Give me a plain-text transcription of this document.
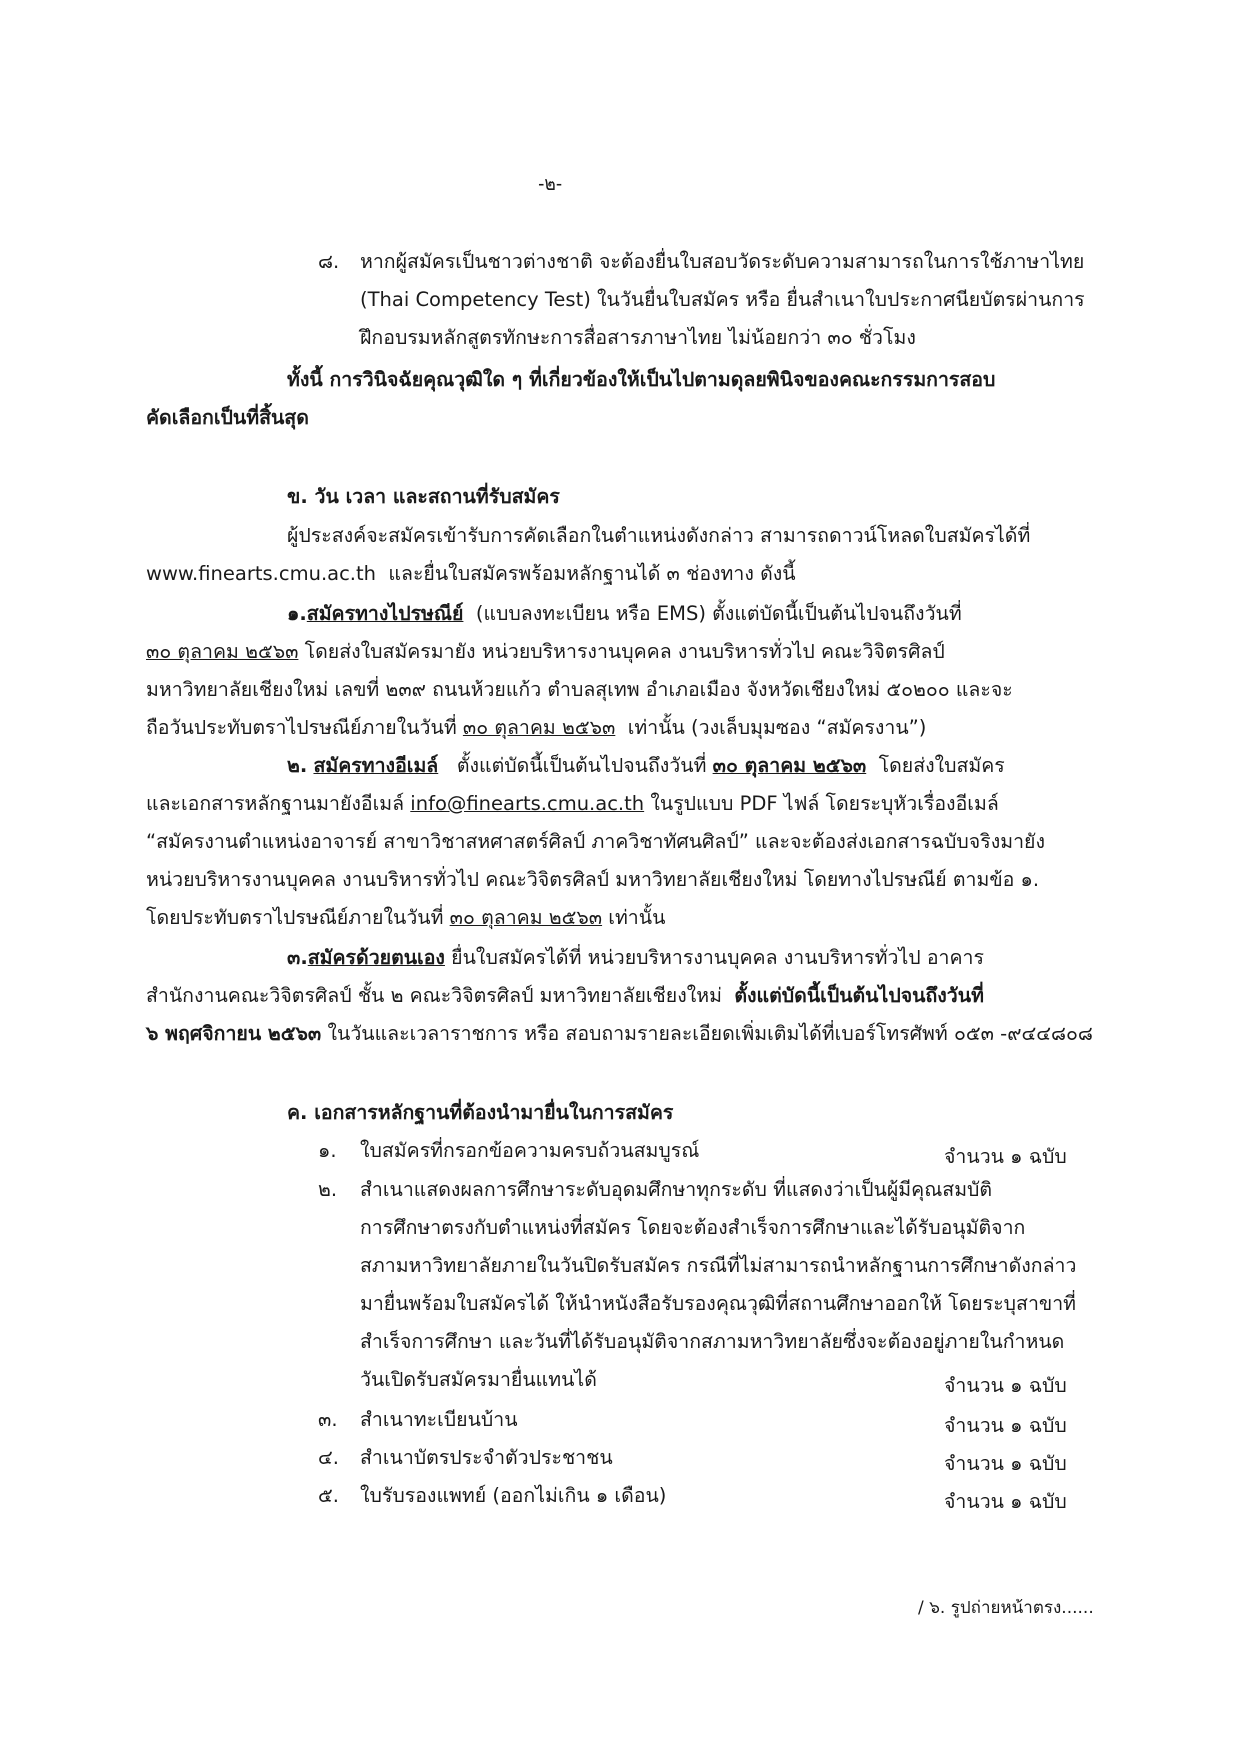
-๒-
๘. หากผู้สมัครเป็นชาวต่างชาติ จะต้องยื่นใบสอบวัดระดับความสามารถในการใช้ภาษาไทย
(Thai Competency Test) ในวันยื่นใบสมัคร หรือ ยื่นสำเนาใบประกาศนียบัตรผ่านการ
ฝึกอบรมหลักสูตรทักษะการสื่อสารภาษาไทย ไม่น้อยกว่า ๓๐ ชั่วโมง
ทั้งนี้ การวินิจฉัยคุณวุฒิใด ๆ ที่เกี่ยวข้องให้เป็นไปตามดุลยพินิจของคณะกรรมการสอบ
คัดเลือกเป็นที่สิ้นสุด
ข. วัน เวลา และสถานที่รับสมัคร
ผู้ประสงค์จะสมัครเข้ารับการคัดเลือกในตำแหน่งดังกล่าว สามารถดาวน์โหลดใบสมัครได้ที่
www.finearts.cmu.ac.th และยื่นใบสมัครพร้อมหลักฐานได้ ๓ ช่องทาง ดังนี้
๑.สมัครทางไปรษณีย์ (แบบลงทะเบียน หรือ EMS) ตั้งแต่บัดนี้เป็นต้นไปจนถึงวันที่
๓๐ ตุลาคม ๒๕๖๓ โดยส่งใบสมัครมายัง หน่วยบริหารงานบุคคล งานบริหารทั่วไป คณะวิจิตรศิลป์
มหาวิทยาลัยเชียงใหม่ เลขที่ ๒๓๙ ถนนห้วยแก้ว ตำบลสุเทพ อำเภอเมือง จังหวัดเชียงใหม่ ๕๐๒๐๐ และจะ
ถือวันประทับตราไปรษณีย์ภายในวันที่ ๓๐ ตุลาคม ๒๕๖๓ เท่านั้น (วงเล็บมุมซอง “สมัครงาน”)
๒. สมัครทางอีเมล์ ตั้งแต่บัดนี้เป็นต้นไปจนถึงวันที่ ๓๐ ตุลาคม ๒๕๖๓ โดยส่งใบสมัคร
และเอกสารหลักฐานมายังอีเมล์ info@finearts.cmu.ac.th ในรูปแบบ PDF ไฟล์ โดยระบุหัวเรื่องอีเมล์
“สมัครงานตำแหน่งอาจารย์ สาขาวิชาสหศาสตร์ศิลป์ ภาควิชาทัศนศิลป์” และจะต้องส่งเอกสารฉบับจริงมายัง
หน่วยบริหารงานบุคคล งานบริหารทั่วไป คณะวิจิตรศิลป์ มหาวิทยาลัยเชียงใหม่ โดยทางไปรษณีย์ ตามข้อ ๑.
โดยประทับตราไปรษณีย์ภายในวันที่ ๓๐ ตุลาคม ๒๕๖๓ เท่านั้น
๓.สมัครด้วยตนเอง ยื่นใบสมัครได้ที่ หน่วยบริหารงานบุคคล งานบริหารทั่วไป อาคาร
สำนักงานคณะวิจิตรศิลป์ ชั้น ๒ คณะวิจิตรศิลป์ มหาวิทยาลัยเชียงใหม่ ตั้งแต่บัดนี้เป็นต้นไปจนถึงวันที่
๖ พฤศจิกายน ๒๕๖๓ ในวันและเวลาราชการ หรือ สอบถามรายละเอียดเพิ่มเติมได้ที่เบอร์โทรศัพท์ ๐๕๓ -๙๔๔๘๐๘
ค. เอกสารหลักฐานที่ต้องนำมายื่นในการสมัคร
๑. ใบสมัครที่กรอกข้อความครบถ้วนสมบูรณ์	จำนวน ๑ ฉบับ
๒. สำเนาแสดงผลการศึกษาระดับอุดมศึกษาทุกระดับ ที่แสดงว่าเป็นผู้มีคุณสมบัติ
การศึกษาตรงกับตำแหน่งที่สมัคร โดยจะต้องสำเร็จการศึกษาและได้รับอนุมัติจาก
สภามหาวิทยาลัยภายในวันปิดรับสมัคร กรณีที่ไม่สามารถนำหลักฐานการศึกษาดังกล่าว
มายื่นพร้อมใบสมัครได้ ให้นำหนังสือรับรองคุณวุฒิที่สถานศึกษาออกให้ โดยระบุสาขาที่
สำเร็จการศึกษา และวันที่ได้รับอนุมัติจากสภามหาวิทยาลัยซึ่งจะต้องอยู่ภายในกำหนด
วันเปิดรับสมัครมายื่นแทนได้	จำนวน ๑ ฉบับ
๓. สำเนาทะเบียนบ้าน	จำนวน ๑ ฉบับ
๔. สำเนาบัตรประจำตัวประชาชน	จำนวน ๑ ฉบับ
๕. ใบรับรองแพทย์ (ออกไม่เกิน ๑ เดือน)	จำนวน ๑ ฉบับ
/ ๖. รูปถ่ายหน้าตรง......
